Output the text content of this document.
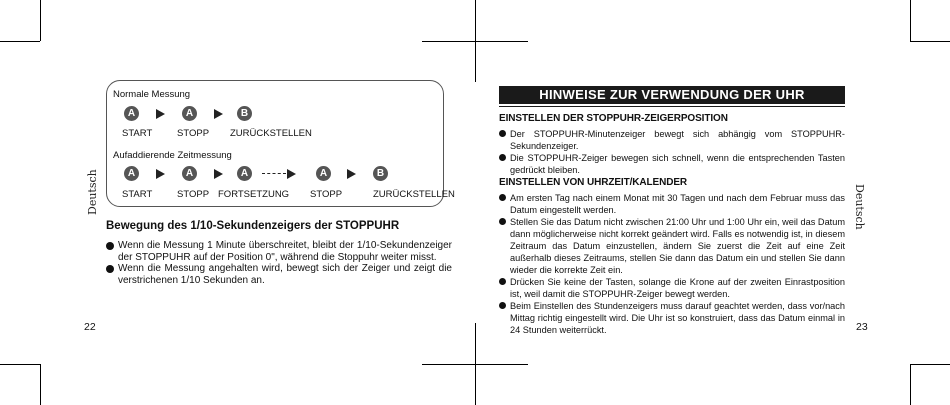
Deutsch
Normale Messung
A	A	B
START	STOPP ZURÜCKSTELLEN
Aufaddierende Zeitmessung
A	A	A	A	B
START	STOPP FORTSETZUNG STOPP	ZURÜCKSTELLEN
Bewegung des 1/10-Sekundenzeigers der STOPPUHR
Wenn die Messung 1 Minute überschreitet, bleibt der 1/10-Sekundenzeiger der STOPPUHR auf der Position 0", während die Stoppuhr weiter misst.
Wenn die Messung angehalten wird, bewegt sich der Zeiger und zeigt die verstrichenen 1/10 Sekunden an.
22
HINWEISE ZUR VERWENDUNG DER UHR
EINSTELLEN DER STOPPUHR-ZEIGERPOSITION
Der STOPPUHR-Minutenzeiger bewegt sich abhängig vom STOPPUHR-Sekundenzeiger.
Die STOPPUHR-Zeiger bewegen sich schnell, wenn die entsprechenden Tasten gedrückt bleiben.
EINSTELLEN VON UHRZEIT/KALENDER
Am ersten Tag nach einem Monat mit 30 Tagen und nach dem Februar muss das Datum eingestellt werden.
Stellen Sie das Datum nicht zwischen 21:00 Uhr und 1:00 Uhr ein, weil das Datum dann möglicherweise nicht korrekt geändert wird. Falls es notwendig ist, in diesem Zeitraum das Datum einzustellen, ändern Sie zuerst die Zeit auf eine Zeit außerhalb dieses Zeitraums, stellen Sie dann das Datum ein und stellen Sie dann wieder die korrekte Zeit ein.
Drücken Sie keine der Tasten, solange die Krone auf der zweiten Einrastposition ist, weil damit die STOPPUHR-Zeiger bewegt werden.
Beim Einstellen des Stundenzeigers muss darauf geachtet werden, dass vor/nach Mittag richtig eingestellt wird. Die Uhr ist so konstruiert, dass das Datum einmal in 24 Stunden weiterrückt.	23
Deutsch
